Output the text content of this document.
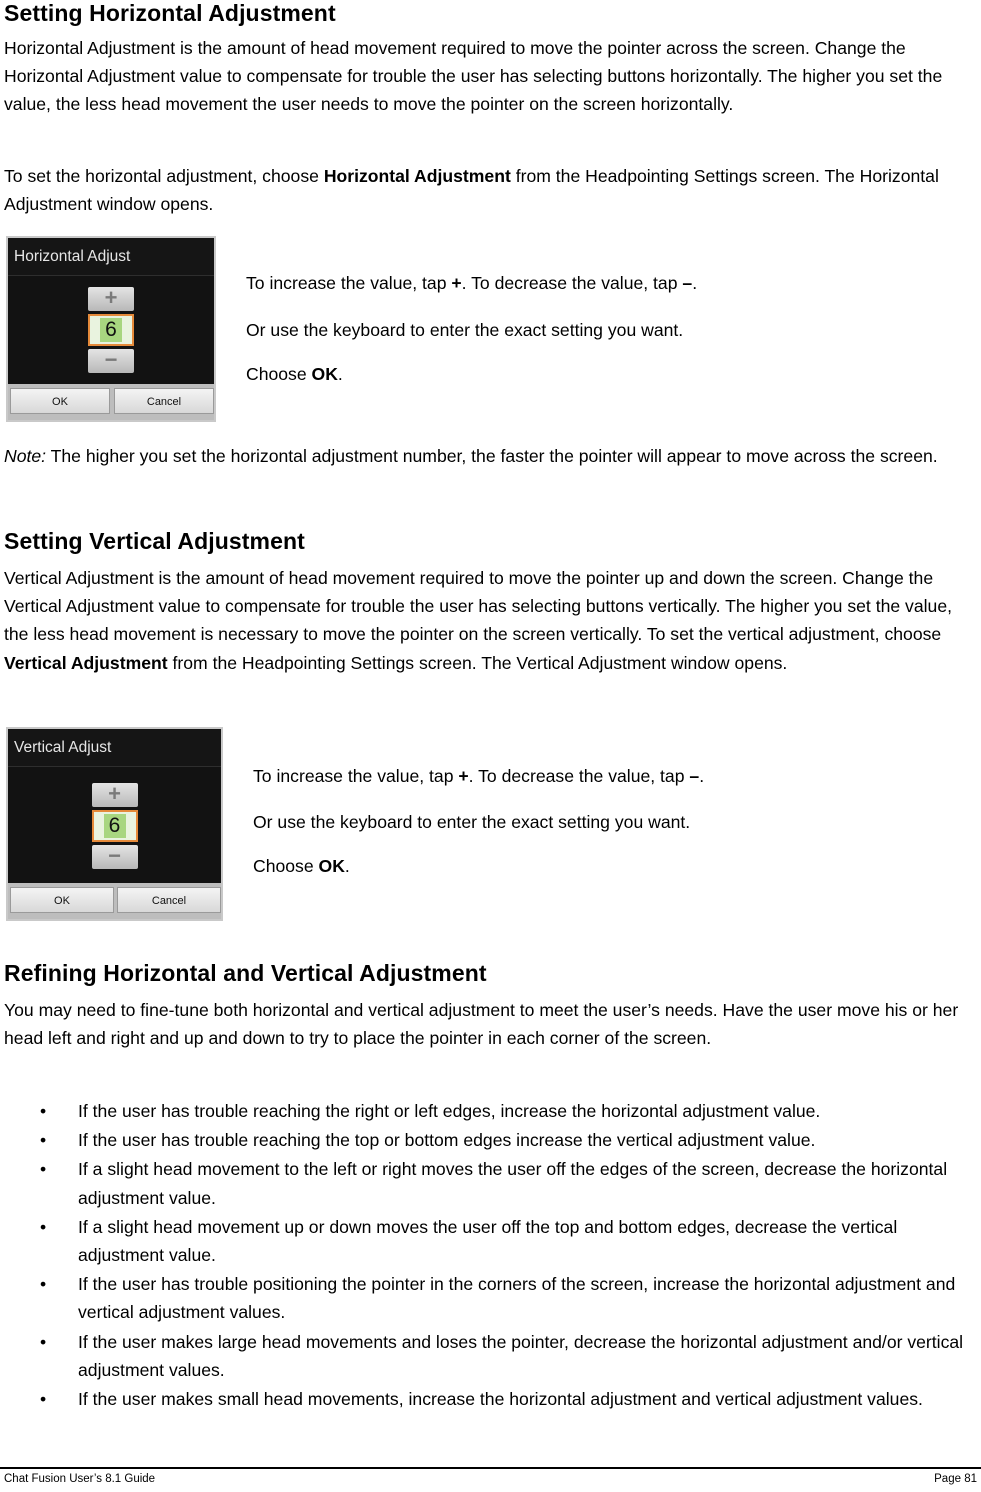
Setting Horizontal Adjustment

Horizontal Adjustment is the amount of head movement required to move the pointer across the screen. Change the Horizontal Adjustment value to compensate for trouble the user has selecting buttons horizontally. The higher you set the value, the less head movement the user needs to move the pointer on the screen horizontally.

To set the horizontal adjustment, choose Horizontal Adjustment from the Headpointing Settings screen. The Horizontal Adjustment window opens.

Horizontal Adjust
+
6
−
OK	Cancel
To increase the value, tap +. To decrease the value, tap –.
Or use the keyboard to enter the exact setting you want.
Choose OK.

Note: The higher you set the horizontal adjustment number, the faster the pointer will appear to move across the screen.

Setting Vertical Adjustment

Vertical Adjustment is the amount of head movement required to move the pointer up and down the screen. Change the Vertical Adjustment value to compensate for trouble the user has selecting buttons vertically. The higher you set the value, the less head movement is necessary to move the pointer on the screen vertically. To set the vertical adjustment, choose Vertical Adjustment from the Headpointing Settings screen. The Vertical Adjustment window opens.

Vertical Adjust
+
6
−
OK	Cancel
To increase the value, tap +. To decrease the value, tap –.
Or use the keyboard to enter the exact setting you want.
Choose OK.
Refining Horizontal and Vertical Adjustment

You may need to fine-tune both horizontal and vertical adjustment to meet the user’s needs. Have the user move his or her head left and right and up and down to try to place the pointer in each corner of the screen.

• If the user has trouble reaching the right or left edges, increase the horizontal adjustment value.
• If the user has trouble reaching the top or bottom edges increase the vertical adjustment value.
• If a slight head movement to the left or right moves the user off the edges of the screen, decrease the horizontal adjustment value.
• If a slight head movement up or down moves the user off the top and bottom edges, decrease the vertical adjustment value.
• If the user has trouble positioning the pointer in the corners of the screen, increase the horizontal adjustment and vertical adjustment values.
• If the user makes large head movements and loses the pointer, decrease the horizontal adjustment and/or vertical adjustment values.
• If the user makes small head movements, increase the horizontal adjustment and vertical adjustment values.
Chat Fusion User’s 8.1 Guide	Page 81
